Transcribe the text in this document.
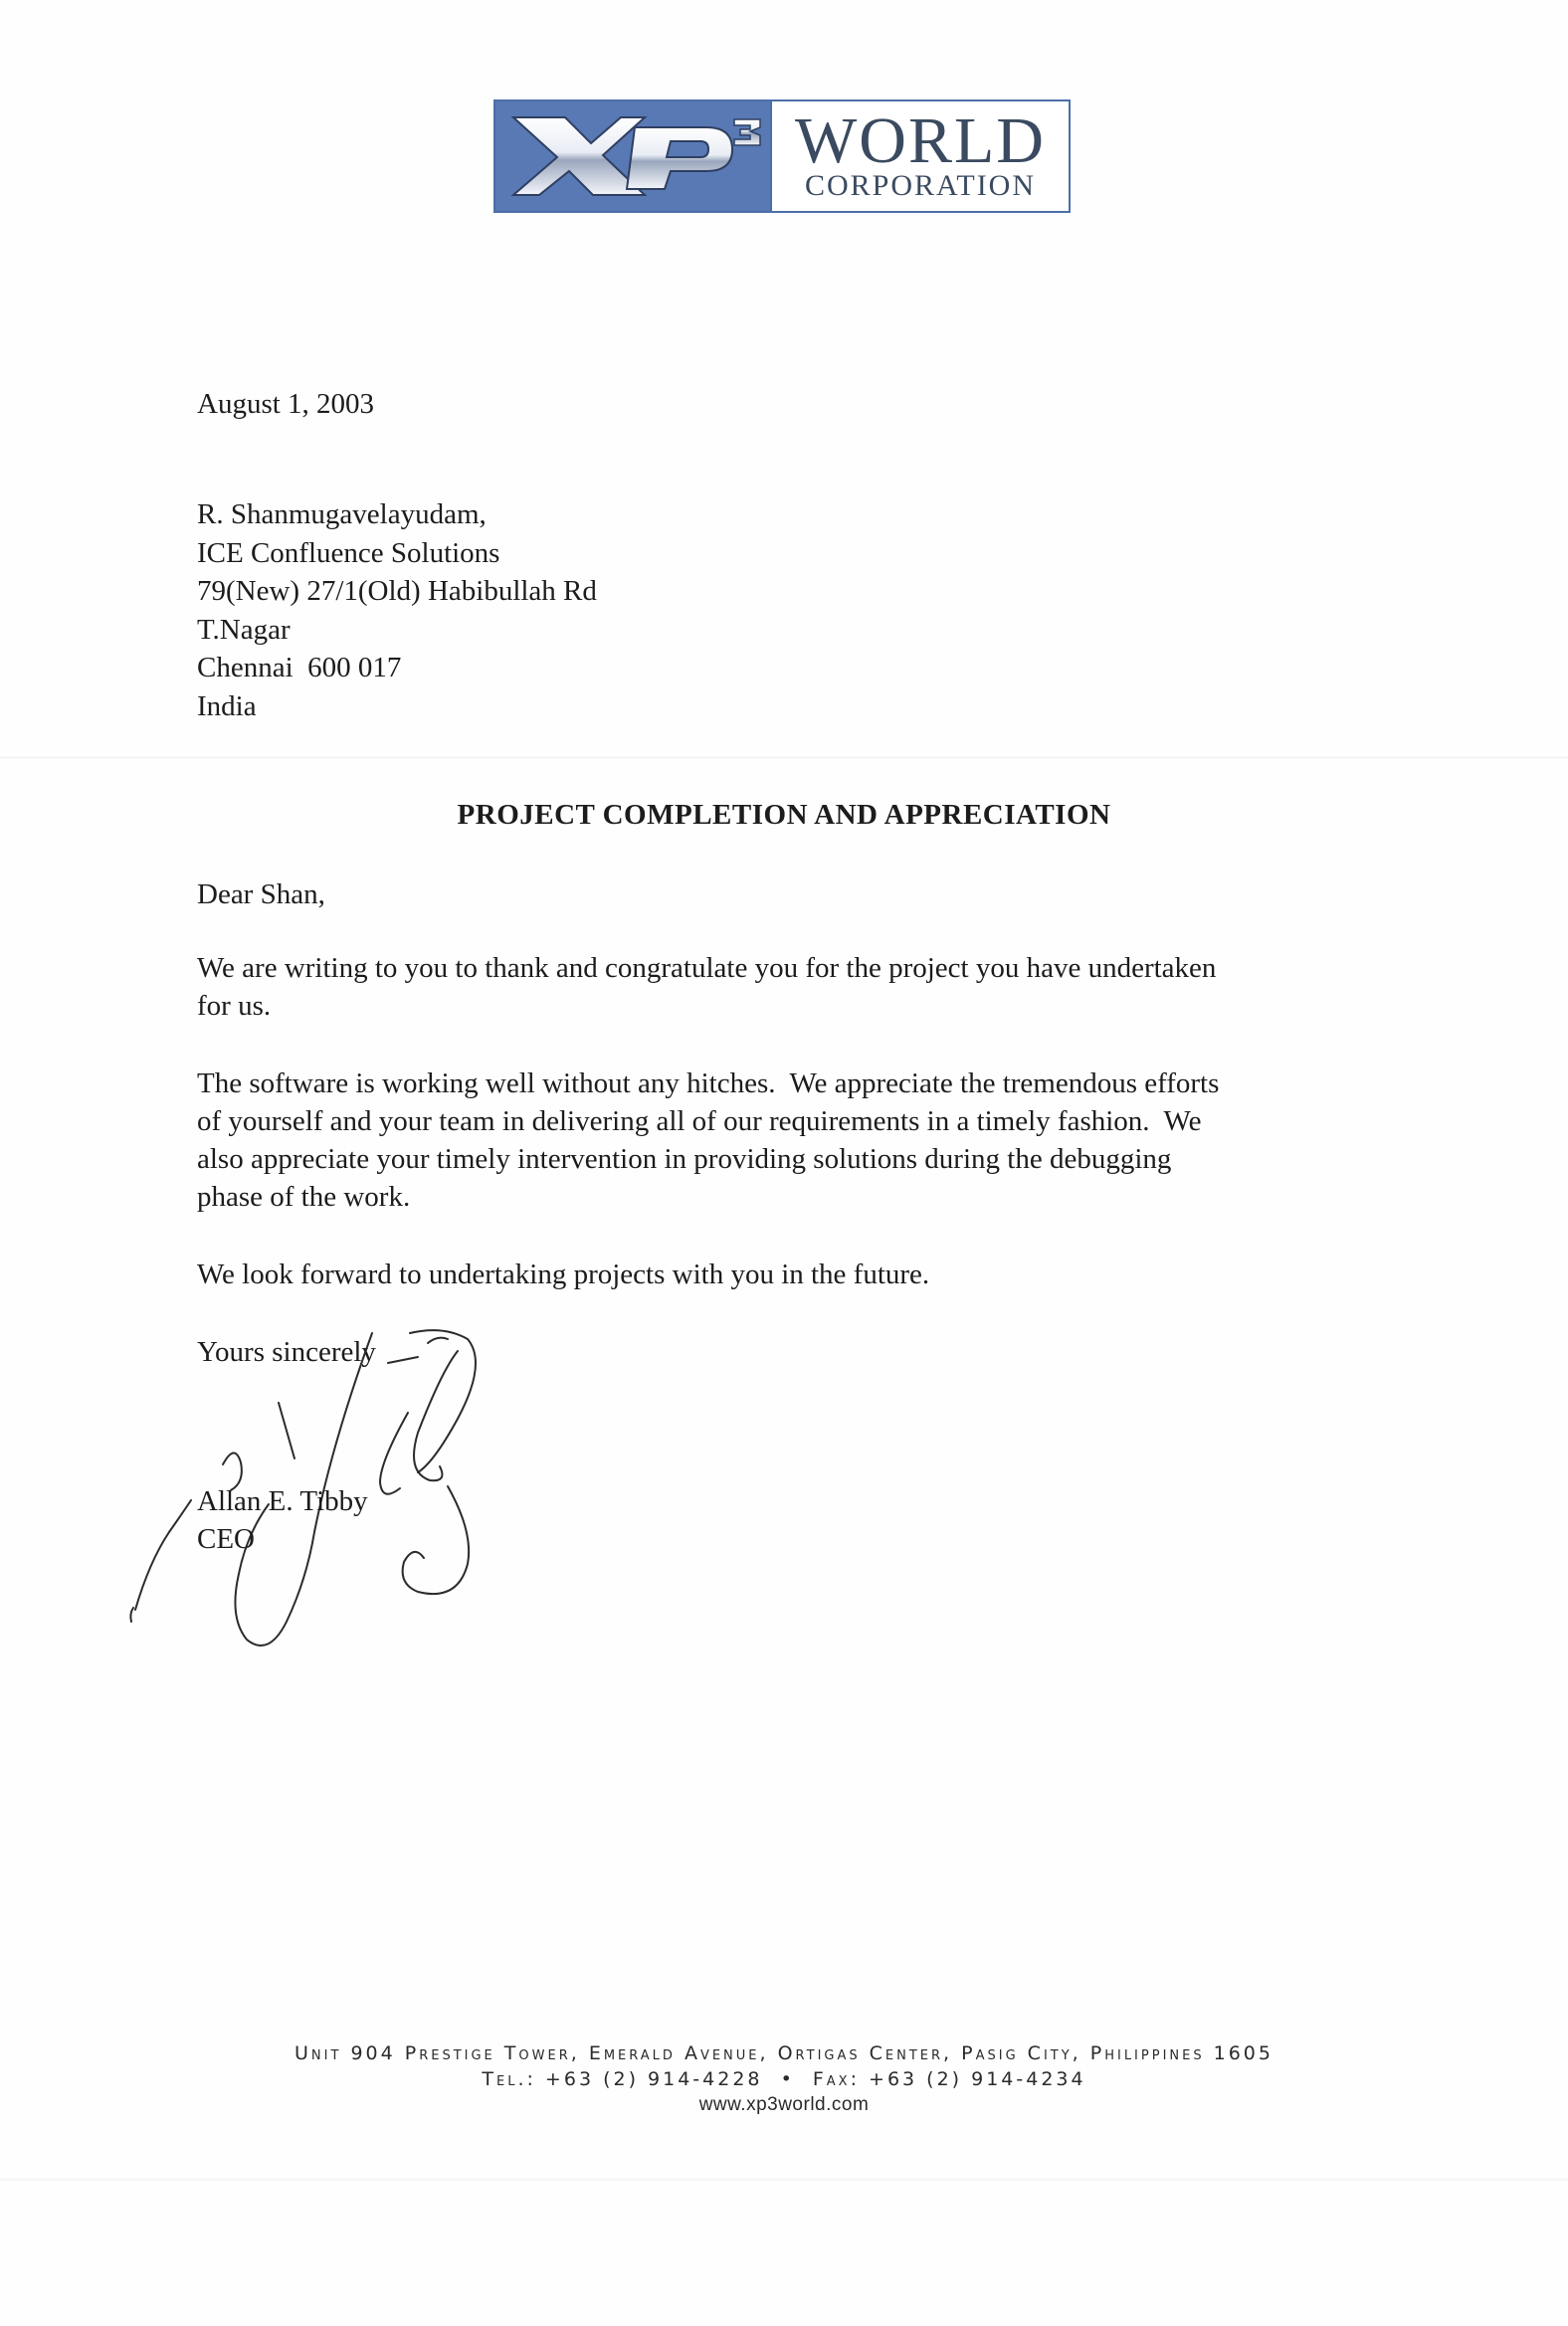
WORLD
CORPORATION
August 1, 2003
R. Shanmugavelayudam,
ICE Confluence Solutions
79(New) 27/1(Old) Habibullah Rd
T.Nagar
Chennai  600 017
India
PROJECT COMPLETION AND APPRECIATION
Dear Shan,
We are writing to you to thank and congratulate you for the project you have undertaken
for us.
The software is working well without any hitches.  We appreciate the tremendous efforts
of yourself and your team in delivering all of our requirements in a timely fashion.  We
also appreciate your timely intervention in providing solutions during the debugging
phase of the work.
We look forward to undertaking projects with you in the future.
Yours sincerely
Allan E. Tibby
CEO
Unit 904 Prestige Tower, Emerald Avenue, Ortigas Center, Pasig City, Philippines 1605
Tel.: +63 (2) 914-4228  •  Fax: +63 (2) 914-4234
www.xp3world.com
